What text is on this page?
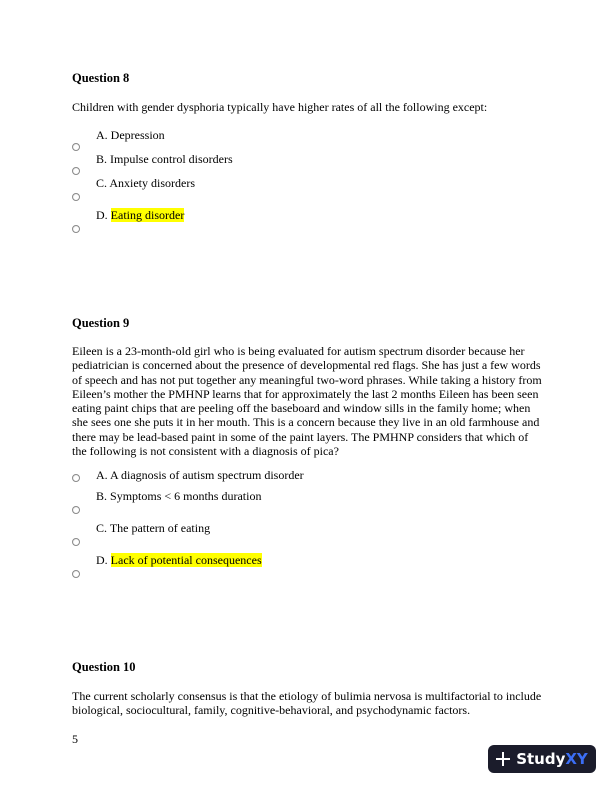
Question 8
Children with gender dysphoria typically have higher rates of all the following except:
A. Depression
B. Impulse control disorders
C. Anxiety disorders
D. Eating disorder
Question 9
Eileen is a 23-month-old girl who is being evaluated for autism spectrum disorder because her pediatrician is concerned about the presence of developmental red flags. She has just a few words of speech and has not put together any meaningful two-word phrases. While taking a history from Eileen’s mother the PMHNP learns that for approximately the last 2 months Eileen has been seen eating paint chips that are peeling off the baseboard and window sills in the family home; when she sees one she puts it in her mouth. This is a concern because they live in an old farmhouse and there may be lead-based paint in some of the paint layers. The PMHNP considers that which of the following is not consistent with a diagnosis of pica?
A. A diagnosis of autism spectrum disorder
B. Symptoms < 6 months duration
C. The pattern of eating
D. Lack of potential consequences
Question 10
The current scholarly consensus is that the etiology of bulimia nervosa is multifactorial to include biological, sociocultural, family, cognitive-behavioral, and psychodynamic factors.
5
StudyXY
